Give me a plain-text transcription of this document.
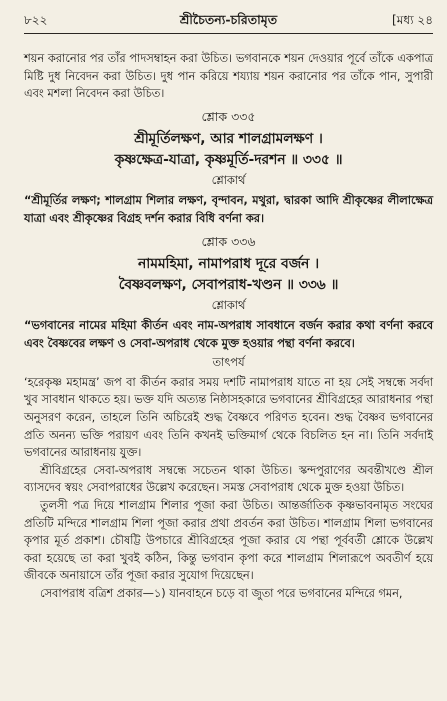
৮২২	শ্রীচৈতন্য-চরিতামৃত	[মধ্য ২৪

শয়ন করানোর পর তাঁর পাদসম্বাহন করা উচিত। ভগবানকে শয়ন দেওয়ার পূর্বে তাঁকে একপাত্র মিষ্টি দুধ নিবেদন করা উচিত। দুধ পান করিয়ে শয্যায় শয়ন করানোর পর তাঁকে পান, সুপারী এবং মশলা নিবেদন করা উচিত।

শ্লোক ৩৩৫
শ্রীমূর্তিলক্ষণ, আর শালগ্রামলক্ষণ ।
কৃষ্ণক্ষেত্র-যাত্রা, কৃষ্ণমূর্তি-দরশন ॥ ৩৩৫ ॥
শ্লোকার্থ

“শ্রীমূর্তির লক্ষণ; শালগ্রাম শিলার লক্ষণ, বৃন্দাবন, মথুরা, দ্বারকা আদি শ্রীকৃষ্ণের লীলাক্ষেত্র যাত্রা এবং শ্রীকৃষ্ণের বিগ্রহ দর্শন করার বিধি বর্ণনা কর।

শ্লোক ৩৩৬
নামমহিমা, নামাপরাধ দূরে বর্জন ।
বৈষ্ণবলক্ষণ, সেবাপরাধ-খণ্ডন ॥ ৩৩৬ ॥
শ্লোকার্থ

“ভগবানের নামের মহিমা কীর্তন এবং নাম-অপরাধ সাবধানে বর্জন করার কথা বর্ণনা করবে এবং বৈষ্ণবের লক্ষণ ও সেবা-অপরাধ থেকে মুক্ত হওয়ার পন্থা বর্ণনা করবে।

তাৎপর্য

‘হরেকৃষ্ণ মহামন্ত্র’ জপ বা কীর্তন করার সময় দশটি নামাপরাধ যাতে না হয় সেই সম্বন্ধে সর্বদা খুব সাবধান থাকতে হয়। ভক্ত যদি অত্যন্ত নিষ্ঠাসহকারে ভগবানের শ্রীবিগ্রহের আরাধনার পন্থা অনুসরণ করেন, তাহলে তিনি অচিরেই শুদ্ধ বৈষ্ণবে পরিণত হবেন। শুদ্ধ বৈষ্ণব ভগবানের প্রতি অনন্য ভক্তি পরায়ণ এবং তিনি কখনই ভক্তিমার্গ থেকে বিচলিত হন না। তিনি সর্বদাই ভগবানের আরাধনায় যুক্ত।

শ্রীবিগ্রহের সেবা-অপরাধ সম্বন্ধে সচেতন থাকা উচিত। স্কন্দপুরাণের অবন্তীখণ্ডে শ্রীল ব্যাসদেব স্বয়ং সেবাপরাধের উল্লেখ করেছেন। সমস্ত সেবাপরাধ থেকে মুক্ত হওয়া উচিত।

তুলসী পত্র দিয়ে শালগ্রাম শিলার পূজা করা উচিত। আন্তর্জাতিক কৃষ্ণভাবনামৃত সংঘের প্রতিটি মন্দিরে শালগ্রাম শিলা পূজা করার প্রথা প্রবর্তন করা উচিত। শালগ্রাম শিলা ভগবানের কৃপার মূর্ত প্রকাশ। চৌষট্টি উপচারে শ্রীবিগ্রহের পূজা করার যে পন্থা পূর্ববর্তী শ্লোকে উল্লেখ করা হয়েছে তা করা খুবই কঠিন, কিন্তু ভগবান কৃপা করে শালগ্রাম শিলারূপে অবতীর্ণ হয়ে জীবকে অনায়াসে তাঁর পূজা করার সুযোগ দিয়েছেন।

সেবাপরাধ বত্রিশ প্রকার—১) যানবাহনে চড়ে বা জুতা পরে ভগবানের মন্দিরে গমন,
